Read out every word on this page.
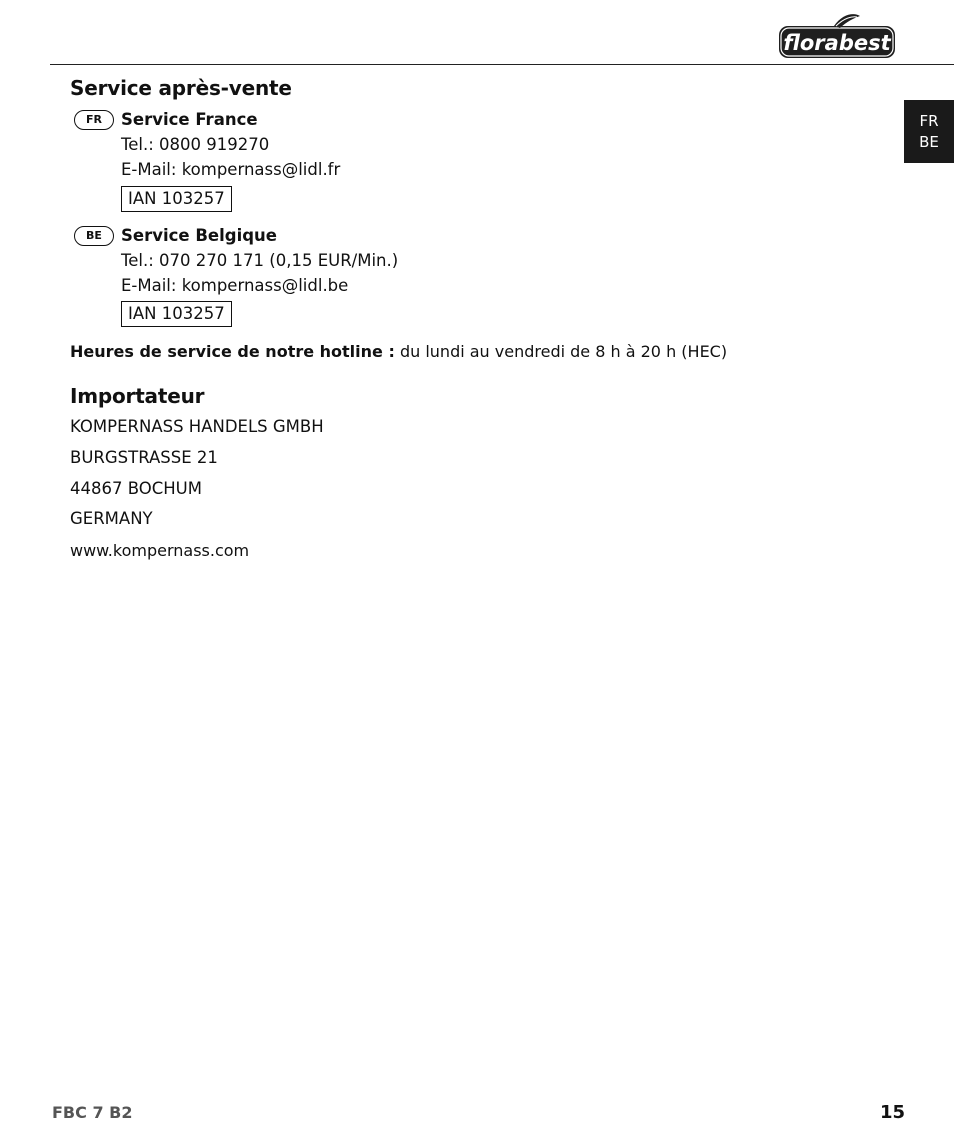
florabest
FR
BE
Service après-vente
FR	Service France
Tel.: 0800 919270
E-Mail: kompernass@lidl.fr
IAN 103257
BE	Service Belgique
Tel.: 070 270 171 (0,15 EUR/Min.)
E-Mail: kompernass@lidl.be
IAN 103257
Heures de service de notre hotline : du lundi au vendredi de 8 h à 20 h (HEC)
Importateur
KOMPERNASS HANDELS GMBH
BURGSTRASSE 21
44867 BOCHUM
GERMANY
www.kompernass.com
FBC 7 B2	15
